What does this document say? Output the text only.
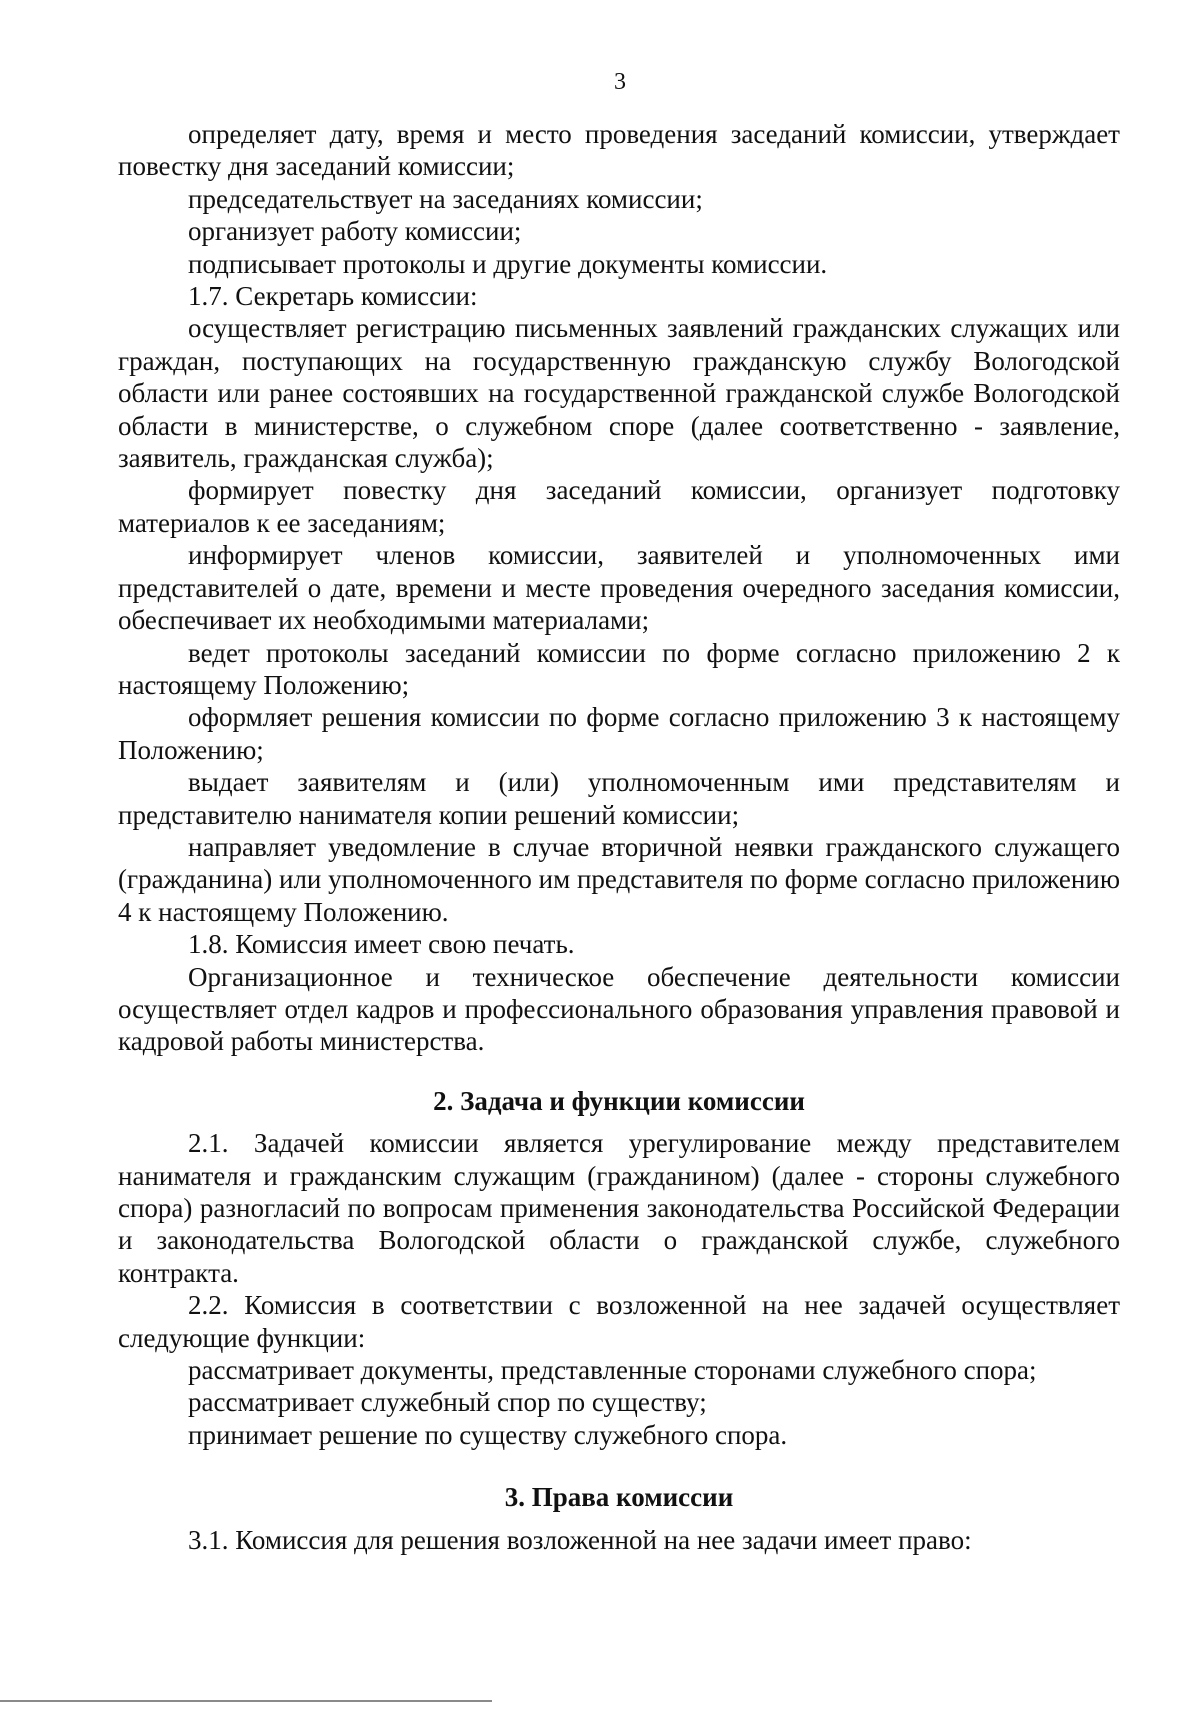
3

определяет дату, время и место проведения заседаний комиссии, утверждает повестку дня заседаний комиссии;

председательствует на заседаниях комиссии;

организует работу комиссии;

подписывает протоколы и другие документы комиссии.

1.7. Секретарь комиссии:

осуществляет регистрацию письменных заявлений гражданских служащих или граждан, поступающих на государственную гражданскую службу Вологодской области или ранее состоявших на государственной гражданской службе Вологодской области в министерстве, о служебном споре (далее соответственно - заявление, заявитель, гражданская служба);

формирует повестку дня заседаний комиссии, организует подготовку материалов к ее заседаниям;

информирует членов комиссии, заявителей и уполномоченных ими представителей о дате, времени и месте проведения очередного заседания комиссии, обеспечивает их необходимыми материалами;

ведет протоколы заседаний комиссии по форме согласно приложению 2 к настоящему Положению;

оформляет решения комиссии по форме согласно приложению 3 к настоящему Положению;

выдает заявителям и (или) уполномоченным ими представителям и представителю нанимателя копии решений комиссии;

направляет уведомление в случае вторичной неявки гражданского служащего (гражданина) или уполномоченного им представителя по форме согласно приложению 4 к настоящему Положению.

1.8. Комиссия имеет свою печать.

Организационное и техническое обеспечение деятельности комиссии осуществляет отдел кадров и профессионального образования управления правовой и кадровой работы министерства.

2. Задача и функции комиссии

2.1. Задачей комиссии является урегулирование между представителем нанимателя и гражданским служащим (гражданином) (далее - стороны служебного спора) разногласий по вопросам применения законодательства Российской Федерации и законодательства Вологодской области о гражданской службе, служебного контракта.

2.2. Комиссия в соответствии с возложенной на нее задачей осуществляет следующие функции:

рассматривает документы, представленные сторонами служебного спора;

рассматривает служебный спор по существу;

принимает решение по существу служебного спора.

3. Права комиссии

3.1. Комиссия для решения возложенной на нее задачи имеет право:
